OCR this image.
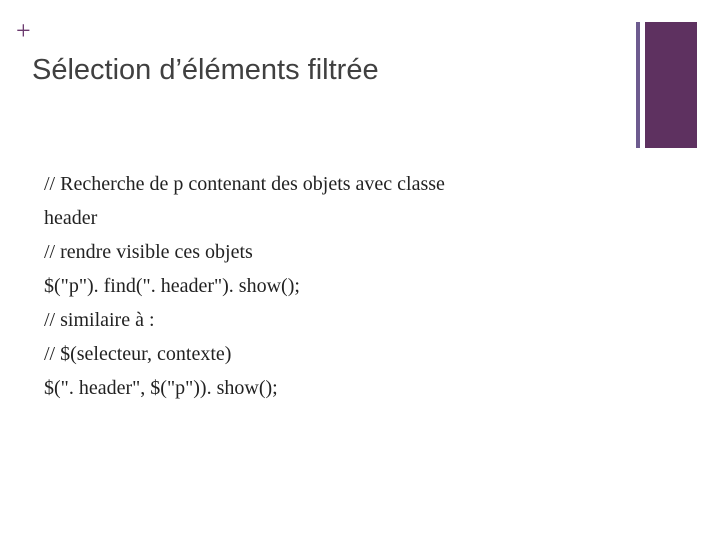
+
Sélection d’éléments filtrée
// Recherche de p contenant des objets avec classe
header
// rendre visible ces objets
$("p"). find(". header"). show();
// similaire à :
// $(selecteur, contexte)
$(". header", $("p")). show();
